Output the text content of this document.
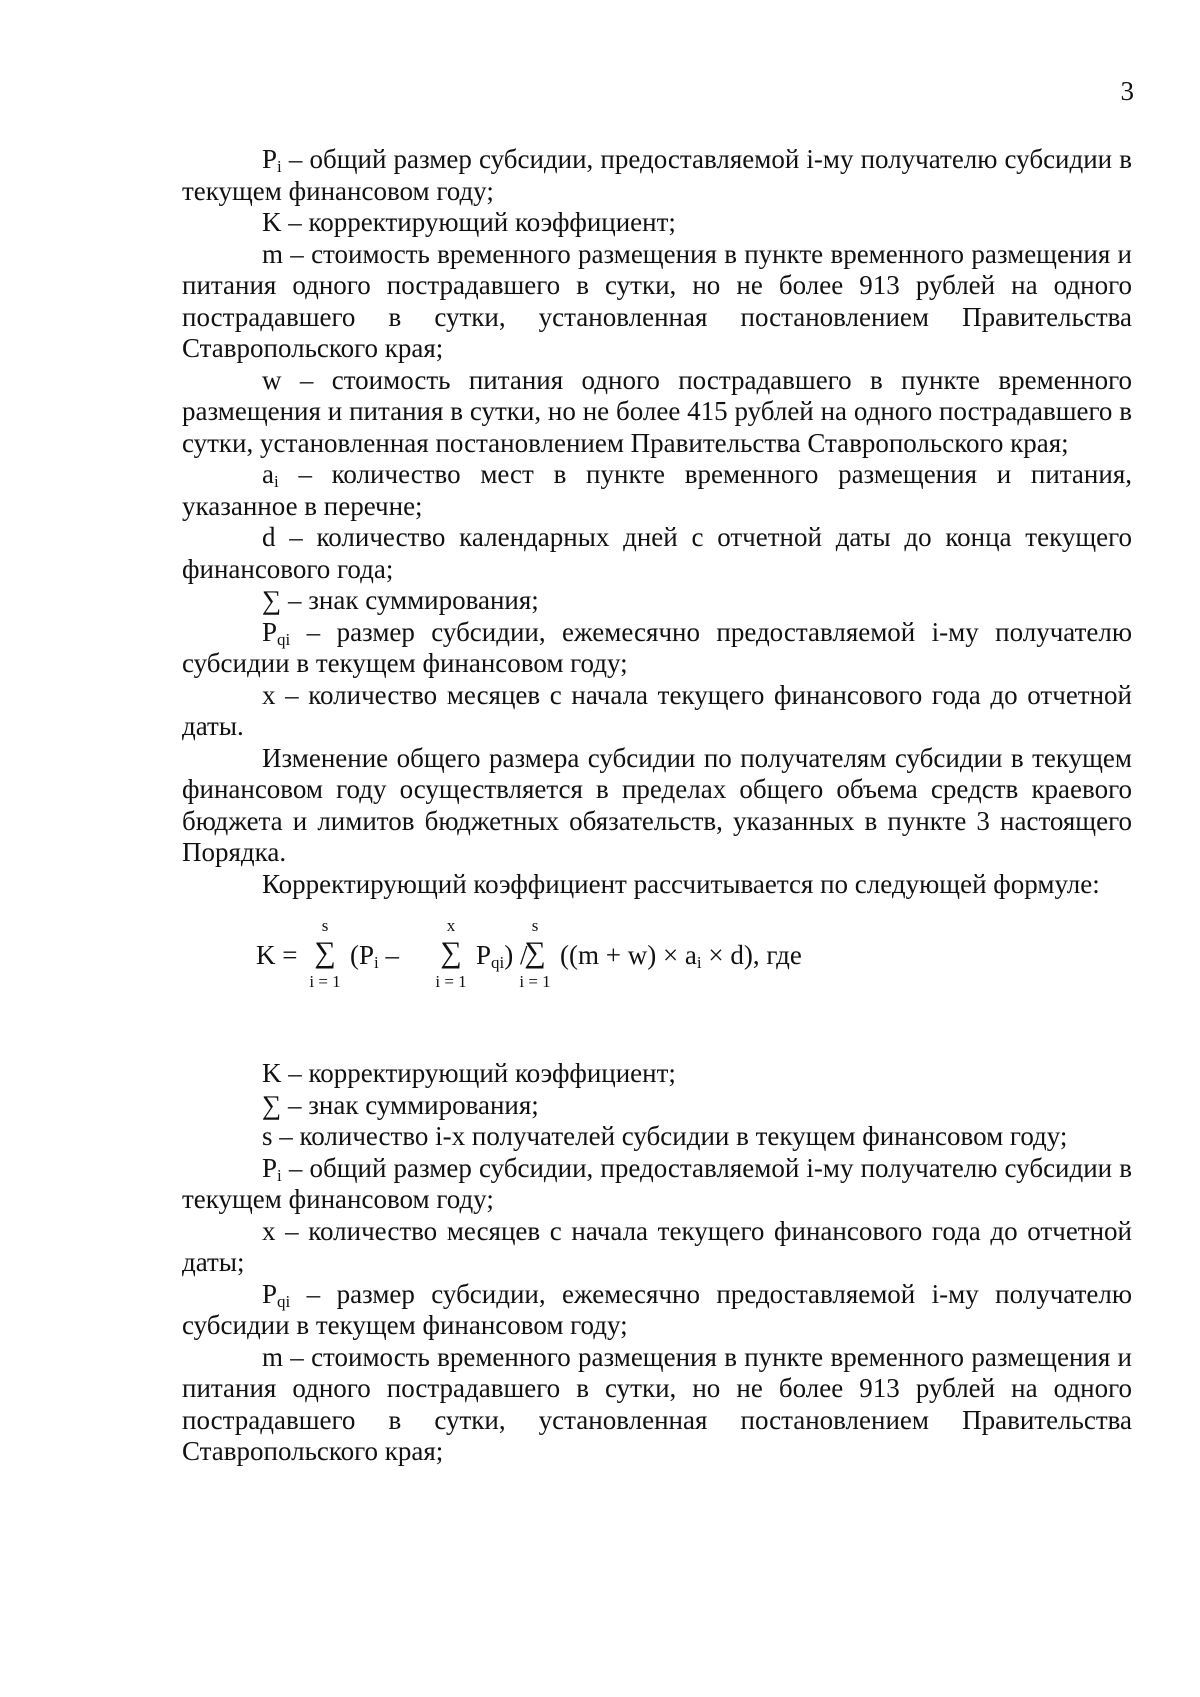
3

$P_i$ – общий размер субсидии, предоставляемой i-му получателю субсидии в текущем финансовом году;

K – корректирующий коэффициент;

m – стоимость временного размещения в пункте временного размещения и питания одного пострадавшего в сутки, но не более 913 рублей на одного пострадавшего в сутки, установленная постановлением Правительства Ставропольского края;

w – стоимость питания одного пострадавшего в пункте временного размещения и питания в сутки, но не более 415 рублей на одного пострадавшего в сутки, установленная постановлением Правительства Ставропольского края;

$a_i$ – количество мест в пункте временного размещения и питания, указанное в перечне;

d – количество календарных дней с отчетной даты до конца текущего финансового года;

∑ – знак суммирования;

$P_{qi}$ – размер субсидии, ежемесячно предоставляемой i-му получателю субсидии в текущем финансовом году;

x – количество месяцев с начала текущего финансового года до отчетной даты.

Изменение общего размера субсидии по получателям субсидии в текущем финансовом году осуществляется в пределах общего объема средств краевого бюджета и лимитов бюджетных обязательств, указанных в пункте 3 настоящего Порядка.

Корректирующий коэффициент рассчитывается по следующей формуле:

K =
s
∑
i = 1
($P_i$ –
x
∑
i = 1
$P_{qi}$) /
s
∑
i = 1
$((m + w) \times a_i \times d)$, где

K – корректирующий коэффициент;

∑ – знак суммирования;

s – количество i-х получателей субсидии в текущем финансовом году;

$P_i$ – общий размер субсидии, предоставляемой i-му получателю субсидии в текущем финансовом году;

x – количество месяцев с начала текущего финансового года до отчетной даты;

$P_{qi}$ – размер субсидии, ежемесячно предоставляемой i-му получателю субсидии в текущем финансовом году;

m – стоимость временного размещения в пункте временного размещения и питания одного пострадавшего в сутки, но не более 913 рублей на одного пострадавшего в сутки, установленная постановлением Правительства Ставропольского края;
